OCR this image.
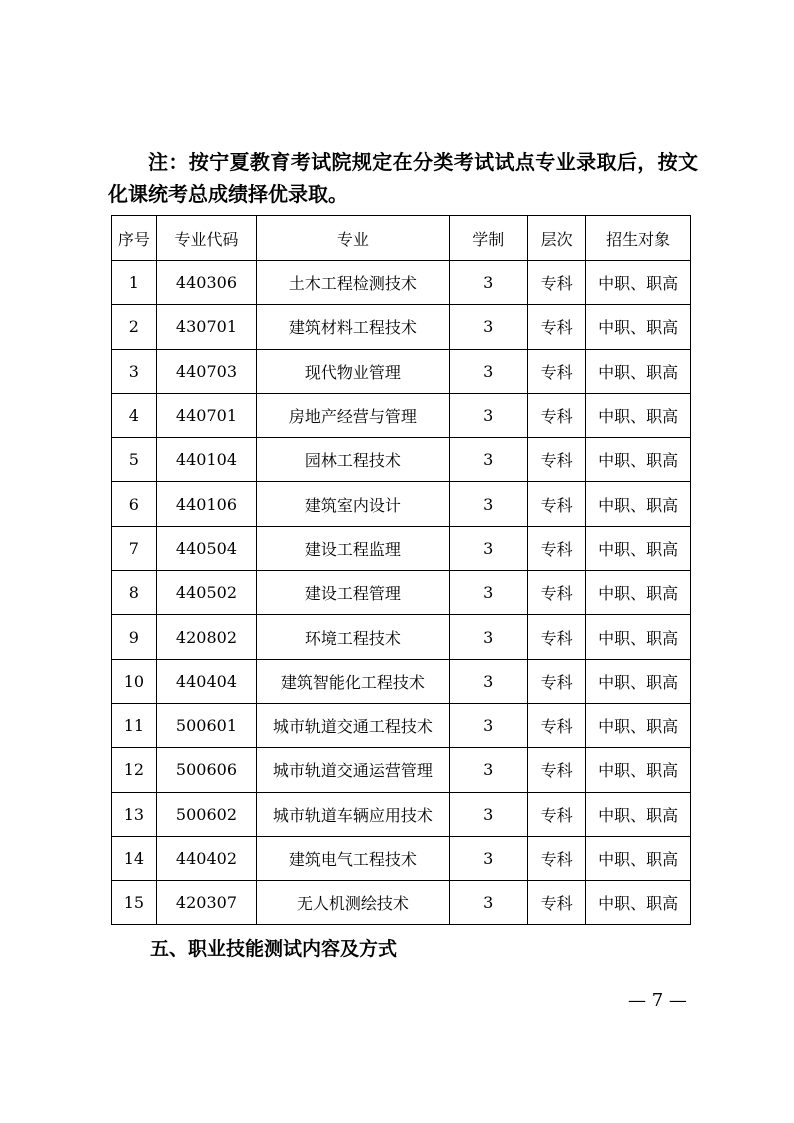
注：按宁夏教育考试院规定在分类考试试点专业录取后，按文化课统考总成绩择优录取。

序号	专业代码	专业	学制	层次	招生对象
1	440306	土木工程检测技术	3	专科	中职、职高
2	430701	建筑材料工程技术	3	专科	中职、职高
3	440703	现代物业管理	3	专科	中职、职高
4	440701	房地产经营与管理	3	专科	中职、职高
5	440104	园林工程技术	3	专科	中职、职高
6	440106	建筑室内设计	3	专科	中职、职高
7	440504	建设工程监理	3	专科	中职、职高
8	440502	建设工程管理	3	专科	中职、职高
9	420802	环境工程技术	3	专科	中职、职高
10	440404	建筑智能化工程技术	3	专科	中职、职高
11	500601	城市轨道交通工程技术	3	专科	中职、职高
12	500606	城市轨道交通运营管理	3	专科	中职、职高
13	500602	城市轨道车辆应用技术	3	专科	中职、职高
14	440402	建筑电气工程技术	3	专科	中职、职高
15	420307	无人机测绘技术	3	专科	中职、职高

五、职业技能测试内容及方式

— 7 —
